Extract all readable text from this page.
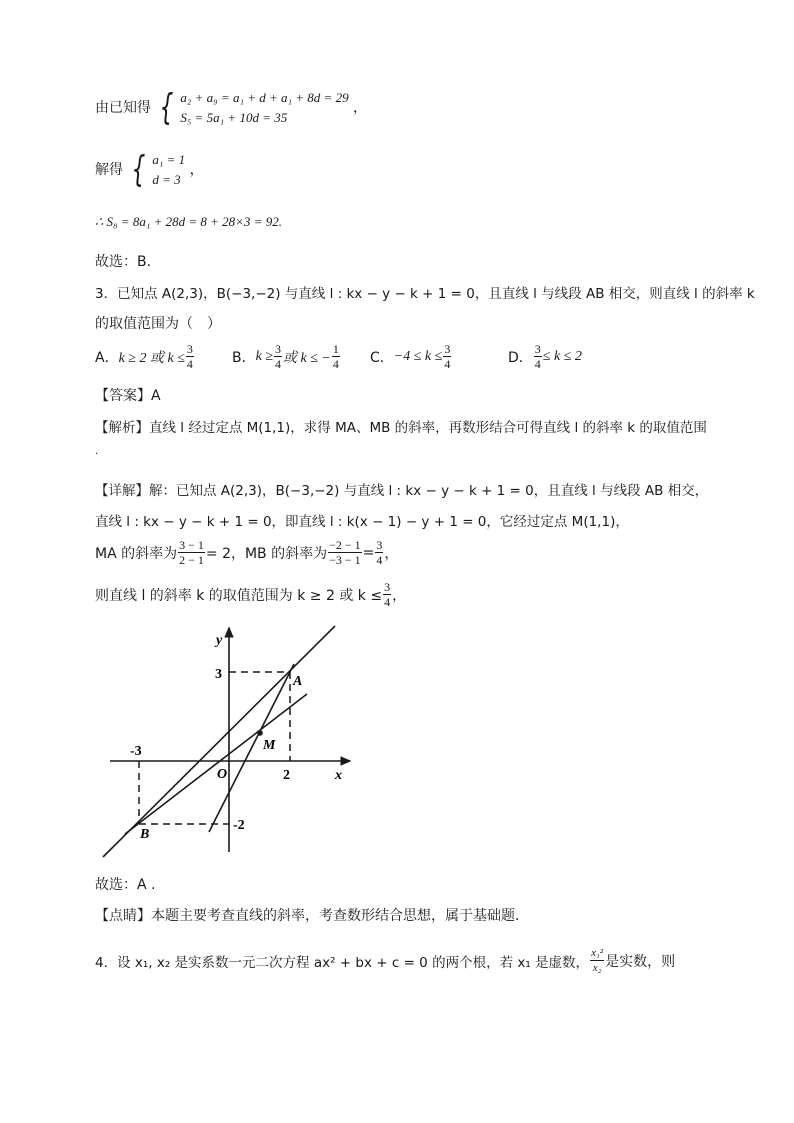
由已知得 { a₂ + a₉ = a₁ + d + a₁ + 8d = 29
S₅ = 5a₁ + 10d = 35
，
解得 { a₁ = 1
d = 3
，
∴ S₈ = 8a₁ + 28d = 8 + 28×3 = 92.
故选：B.
3．已知点 A(2,3)，B(−3,−2) 与直线 l : kx − y − k + 1 = 0，且直线 l 与线段 AB 相交，则直线 l 的斜率 k
的取值范围为（　）
A． k ≥ 2 或 $k \le \frac{3}{4}$	B． $k \ge \frac{3}{4}$ 或 k ≤ − $\frac{1}{4}$ C． $-4 \le k \le \frac{3}{4}$	D． $\frac{3}{4} \le k \le 2$
【答案】A
【解析】直线 l 经过定点 M(1,1)，求得 MA、MB 的斜率，再数形结合可得直线 l 的斜率 k 的取值范围
.
【详解】解：已知点 A(2,3)，B(−3,−2) 与直线 l : kx − y − k + 1 = 0，且直线 l 与线段 AB 相交，
直线 l : kx − y − k + 1 = 0，即直线 l : k(x − 1) − y + 1 = 0，它经过定点 M(1,1)，
MA 的斜率为 $\frac{3 - 1}{2 - 1} = 2$，MB 的斜率为 $\frac{-2 - 1}{-3 - 1} = \frac{3}{4}$ ，
则直线 l 的斜率 k 的取值范围为 k ≥ 2 或 $k \le \frac{3}{4}$ ，
y
x
3
-3
2
-2
O
A
B
M
故选：A .
【点睛】本题主要考查直线的斜率，考查数形结合思想，属于基础题.
4．设 x₁, x₂ 是实系数一元二次方程 ax² + bx + c = 0 的两个根，若 x₁ 是虚数， $\frac{\text{x₁²}}{\text{x₂}}$ 是实数，则
